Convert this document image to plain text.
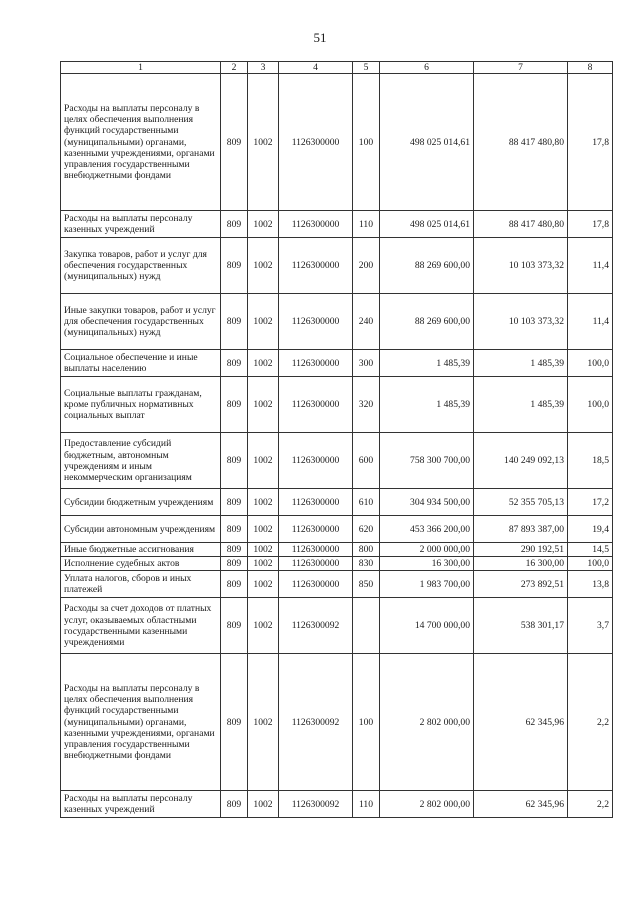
51
1	2	3	4	5	6	7	8
Расходы на выплаты персоналу в целях обеспечения выполнения функций государственными (муниципальными) органами, казенными учреждениями, органами управления государственными внебюджетными фондами	809	1002	1126300000	100	498 025 014,61	88 417 480,80	17,8
Расходы на выплаты персоналу казенных учреждений	809	1002	1126300000	110	498 025 014,61	88 417 480,80	17,8
Закупка товаров, работ и услуг для обеспечения государственных (муниципальных) нужд	809	1002	1126300000	200	88 269 600,00	10 103 373,32	11,4
Иные закупки товаров, работ и услуг для обеспечения государственных (муниципальных) нужд	809	1002	1126300000	240	88 269 600,00	10 103 373,32	11,4
Социальное обеспечение и иные выплаты населению	809	1002	1126300000	300	1 485,39	1 485,39	100,0
Социальные выплаты гражданам, кроме публичных нормативных социальных выплат	809	1002	1126300000	320	1 485,39	1 485,39	100,0
Предоставление субсидий бюджетным, автономным учреждениям и иным некоммерческим организациям	809	1002	1126300000	600	758 300 700,00	140 249 092,13	18,5
Субсидии бюджетным учреждениям	809	1002	1126300000	610	304 934 500,00	52 355 705,13	17,2
Субсидии автономным учреждениям	809	1002	1126300000	620	453 366 200,00	87 893 387,00	19,4
Иные бюджетные ассигнования	809	1002	1126300000	800	2 000 000,00	290 192,51	14,5
Исполнение судебных актов	809	1002	1126300000	830	16 300,00	16 300,00	100,0
Уплата налогов, сборов и иных платежей	809	1002	1126300000	850	1 983 700,00	273 892,51	13,8
Расходы за счет доходов от платных услуг, оказываемых областными государственными казенными учреждениями	809	1002	1126300092		14 700 000,00	538 301,17	3,7
Расходы на выплаты персоналу в целях обеспечения выполнения функций государственными (муниципальными) органами, казенными учреждениями, органами управления государственными внебюджетными фондами	809	1002	1126300092	100	2 802 000,00	62 345,96	2,2
Расходы на выплаты персоналу казенных учреждений	809	1002	1126300092	110	2 802 000,00	62 345,96	2,2
